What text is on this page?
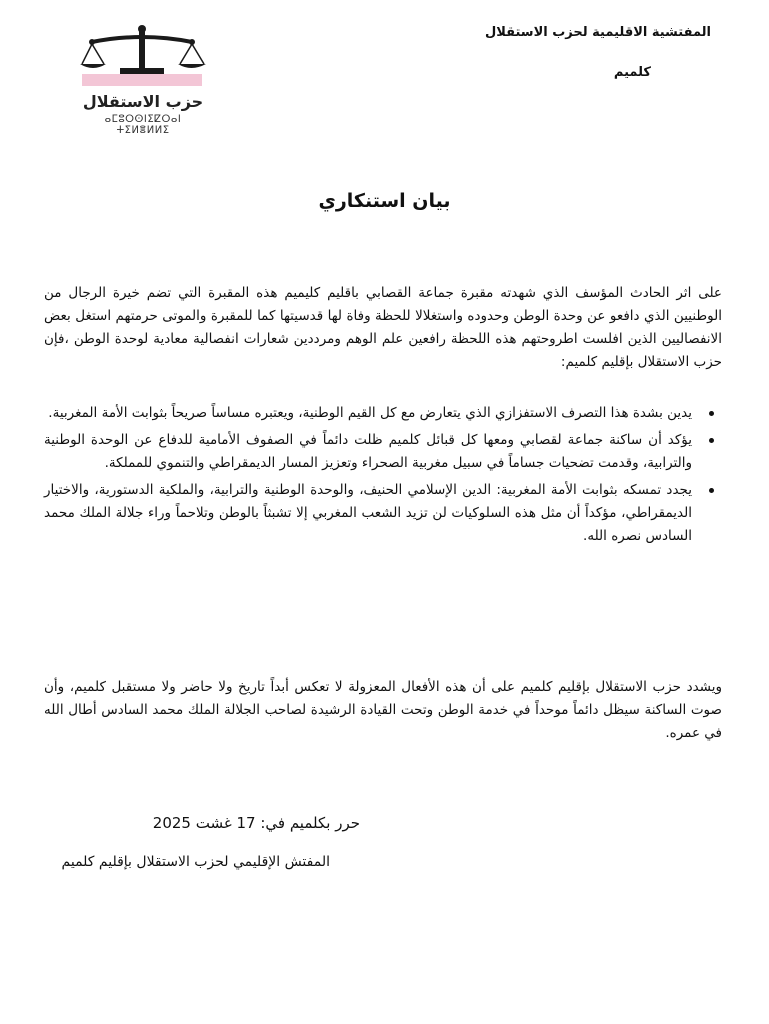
المفتشية الاقليمية لحزب الاستقلال
كلميم
حزب الاستقلال
ⴰⵎⵓⵔⵙⵏⵉⵇⵔⴰⵏ ⵜⵉⵍⴻⵍⵍⵉ
بيان استنكاري
على اثر الحادث المؤسف الذي شهدته مقبرة جماعة القصابي باقليم كليميم هذه المقبرة التي تضم خيرة الرجال من الوطنيين الذي دافعو عن وحدة الوطن وحدوده واستغلالا للحظة وفاة لها قدسيتها كما للمقبرة والموتى حرمتهم استغل بعض الانفصاليين الذين افلست اطروحتهم هذه اللحظة رافعين علم الوهم ومرددين شعارات انفصالية معادية لوحدة الوطن ،فإن حزب الاستقلال بإقليم كلميم:
يدين بشدة هذا التصرف الاستفزازي الذي يتعارض مع كل القيم الوطنية، ويعتبره مساساً صريحاً بثوابت الأمة المغربية.
يؤكد أن ساكنة جماعة لقصابي ومعها كل قبائل كلميم ظلت دائماً في الصفوف الأمامية للدفاع عن الوحدة الوطنية والترابية، وقدمت تضحيات جساماً في سبيل مغربية الصحراء وتعزيز المسار الديمقراطي والتنموي للمملكة.
يجدد تمسكه بثوابت الأمة المغربية: الدين الإسلامي الحنيف، والوحدة الوطنية والترابية، والملكية الدستورية، والاختيار الديمقراطي، مؤكداً أن مثل هذه السلوكيات لن تزيد الشعب المغربي إلا تشبثاً بالوطن وتلاحماً وراء جلالة الملك محمد السادس نصره الله.
ويشدد حزب الاستقلال بإقليم كلميم على أن هذه الأفعال المعزولة لا تعكس أبداً تاريخ ولا حاضر ولا مستقبل كلميم، وأن صوت الساكنة سيظل دائماً موحداً في خدمة الوطن وتحت القيادة الرشيدة لصاحب الجلالة الملك محمد السادس أطال الله في عمره.
حرر بكلميم في: 17 غشت 2025
المفتش الإقليمي لحزب الاستقلال بإقليم كلميم
